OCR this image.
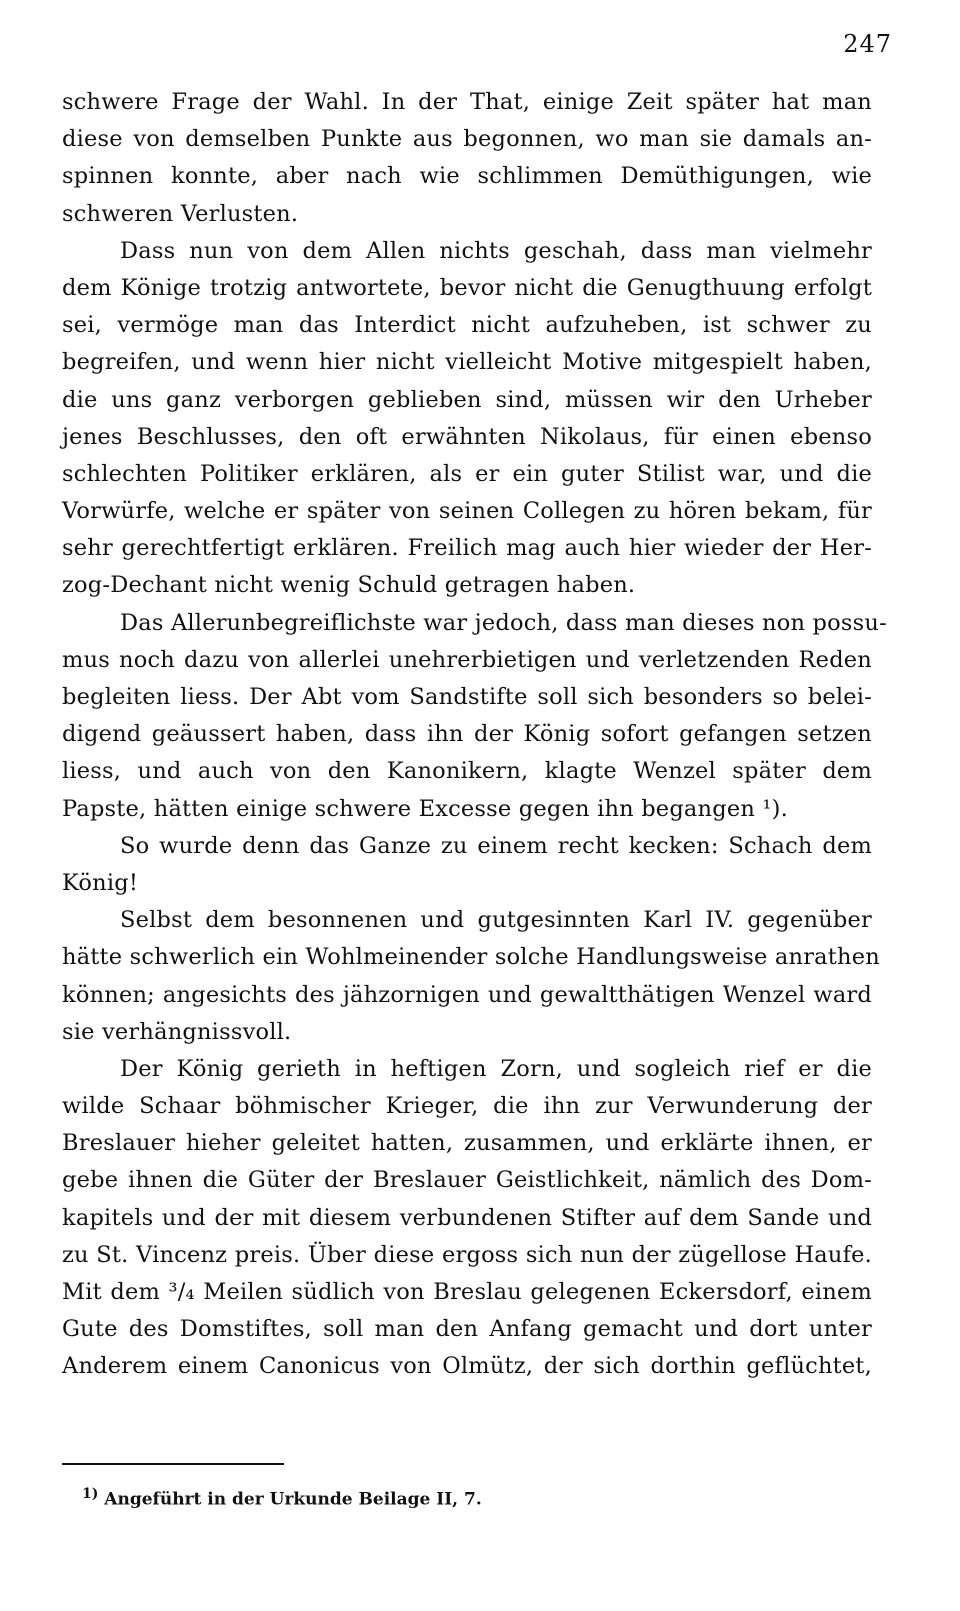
247
schwere Frage der Wahl. In der That, einige Zeit später hat man
diese von demselben Punkte aus begonnen, wo man sie damals an-
spinnen konnte, aber nach wie schlimmen Demüthigungen, wie
schweren Verlusten.
Dass nun von dem Allen nichts geschah, dass man vielmehr
dem Könige trotzig antwortete, bevor nicht die Genugthuung erfolgt
sei, vermöge man das Interdict nicht aufzuheben, ist schwer zu
begreifen, und wenn hier nicht vielleicht Motive mitgespielt haben,
die uns ganz verborgen geblieben sind, müssen wir den Urheber
jenes Beschlusses, den oft erwähnten Nikolaus, für einen ebenso
schlechten Politiker erklären, als er ein guter Stilist war, und die
Vorwürfe, welche er später von seinen Collegen zu hören bekam, für
sehr gerechtfertigt erklären. Freilich mag auch hier wieder der Her-
zog-Dechant nicht wenig Schuld getragen haben.
Das Allerunbegreiflichste war jedoch, dass man dieses non possu-
mus noch dazu von allerlei unehrerbietigen und verletzenden Reden
begleiten liess. Der Abt vom Sandstifte soll sich besonders so belei-
digend geäussert haben, dass ihn der König sofort gefangen setzen
liess, und auch von den Kanonikern, klagte Wenzel später dem
Papste, hätten einige schwere Excesse gegen ihn begangen ¹).
So wurde denn das Ganze zu einem recht kecken: Schach dem
König!
Selbst dem besonnenen und gutgesinnten Karl IV. gegenüber
hätte schwerlich ein Wohlmeinender solche Handlungsweise anrathen
können; angesichts des jähzornigen und gewaltthätigen Wenzel ward
sie verhängnissvoll.
Der König gerieth in heftigen Zorn, und sogleich rief er die
wilde Schaar böhmischer Krieger, die ihn zur Verwunderung der
Breslauer hieher geleitet hatten, zusammen, und erklärte ihnen, er
gebe ihnen die Güter der Breslauer Geistlichkeit, nämlich des Dom-
kapitels und der mit diesem verbundenen Stifter auf dem Sande und
zu St. Vincenz preis. Über diese ergoss sich nun der zügellose Haufe.
Mit dem ³/₄ Meilen südlich von Breslau gelegenen Eckersdorf, einem
Gute des Domstiftes, soll man den Anfang gemacht und dort unter
Anderem einem Canonicus von Olmütz, der sich dorthin geflüchtet,
$^{1)}$ Angeführt in der Urkunde Beilage II, 7.
